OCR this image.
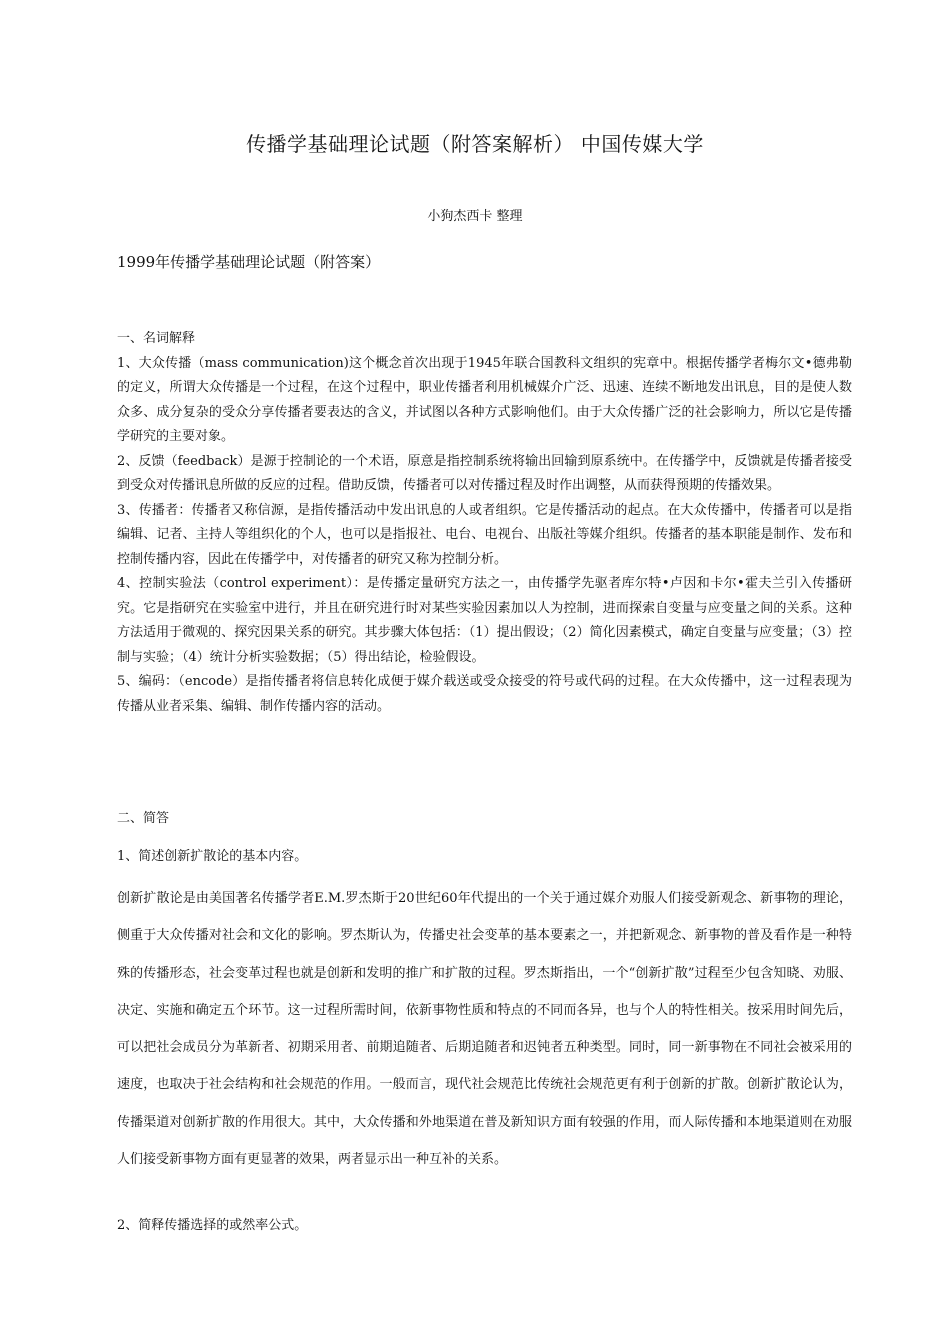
传播学基础理论试题（附答案解析） 中国传媒大学
小狗杰西卡 整理
1999年传播学基础理论试题（附答案）

一、名词解释

1、大众传播（mass communication)这个概念首次出现于1945年联合国教科文组织的宪章中。根据传播学者梅尔文•德弗勒的定义，所谓大众传播是一个过程，在这个过程中，职业传播者利用机械媒介广泛、迅速、连续不断地发出讯息，目的是使人数众多、成分复杂的受众分享传播者要表达的含义，并试图以各种方式影响他们。由于大众传播广泛的社会影响力，所以它是传播学研究的主要对象。

2、反馈（feedback）是源于控制论的一个术语，原意是指控制系统将输出回输到原系统中。在传播学中，反馈就是传播者接受到受众对传播讯息所做的反应的过程。借助反馈，传播者可以对传播过程及时作出调整，从而获得预期的传播效果。

3、传播者：传播者又称信源，是指传播活动中发出讯息的人或者组织。它是传播活动的起点。在大众传播中，传播者可以是指编辑、记者、主持人等组织化的个人，也可以是指报社、电台、电视台、出版社等媒介组织。传播者的基本职能是制作、发布和控制传播内容，因此在传播学中，对传播者的研究又称为控制分析。

4、控制实验法（control experiment）：是传播定量研究方法之一，由传播学先驱者库尔特•卢因和卡尔•霍夫兰引入传播研究。它是指研究在实验室中进行，并且在研究进行时对某些实验因素加以人为控制，进而探索自变量与应变量之间的关系。这种方法适用于微观的、探究因果关系的研究。其步骤大体包括：（1）提出假设；（2）简化因素模式，确定自变量与应变量；（3）控制与实验；（4）统计分析实验数据；（5）得出结论，检验假设。

5、编码：（encode）是指传播者将信息转化成便于媒介载送或受众接受的符号或代码的过程。在大众传播中，这一过程表现为传播从业者采集、编辑、制作传播内容的活动。

二、简答

1、简述创新扩散论的基本内容。

创新扩散论是由美国著名传播学者E.M.罗杰斯于20世纪60年代提出的一个关于通过媒介劝服人们接受新观念、新事物的理论，侧重于大众传播对社会和文化的影响。罗杰斯认为，传播史社会变革的基本要素之一，并把新观念、新事物的普及看作是一种特殊的传播形态，社会变革过程也就是创新和发明的推广和扩散的过程。罗杰斯指出，一个“创新扩散”过程至少包含知晓、劝服、决定、实施和确定五个环节。这一过程所需时间，依新事物性质和特点的不同而各异，也与个人的特性相关。按采用时间先后，可以把社会成员分为革新者、初期采用者、前期追随者、后期追随者和迟钝者五种类型。同时，同一新事物在不同社会被采用的速度，也取决于社会结构和社会规范的作用。一般而言，现代社会规范比传统社会规范更有利于创新的扩散。创新扩散论认为，传播渠道对创新扩散的作用很大。其中，大众传播和外地渠道在普及新知识方面有较强的作用，而人际传播和本地渠道则在劝服人们接受新事物方面有更显著的效果，两者显示出一种互补的关系。

2、简释传播选择的或然率公式。
